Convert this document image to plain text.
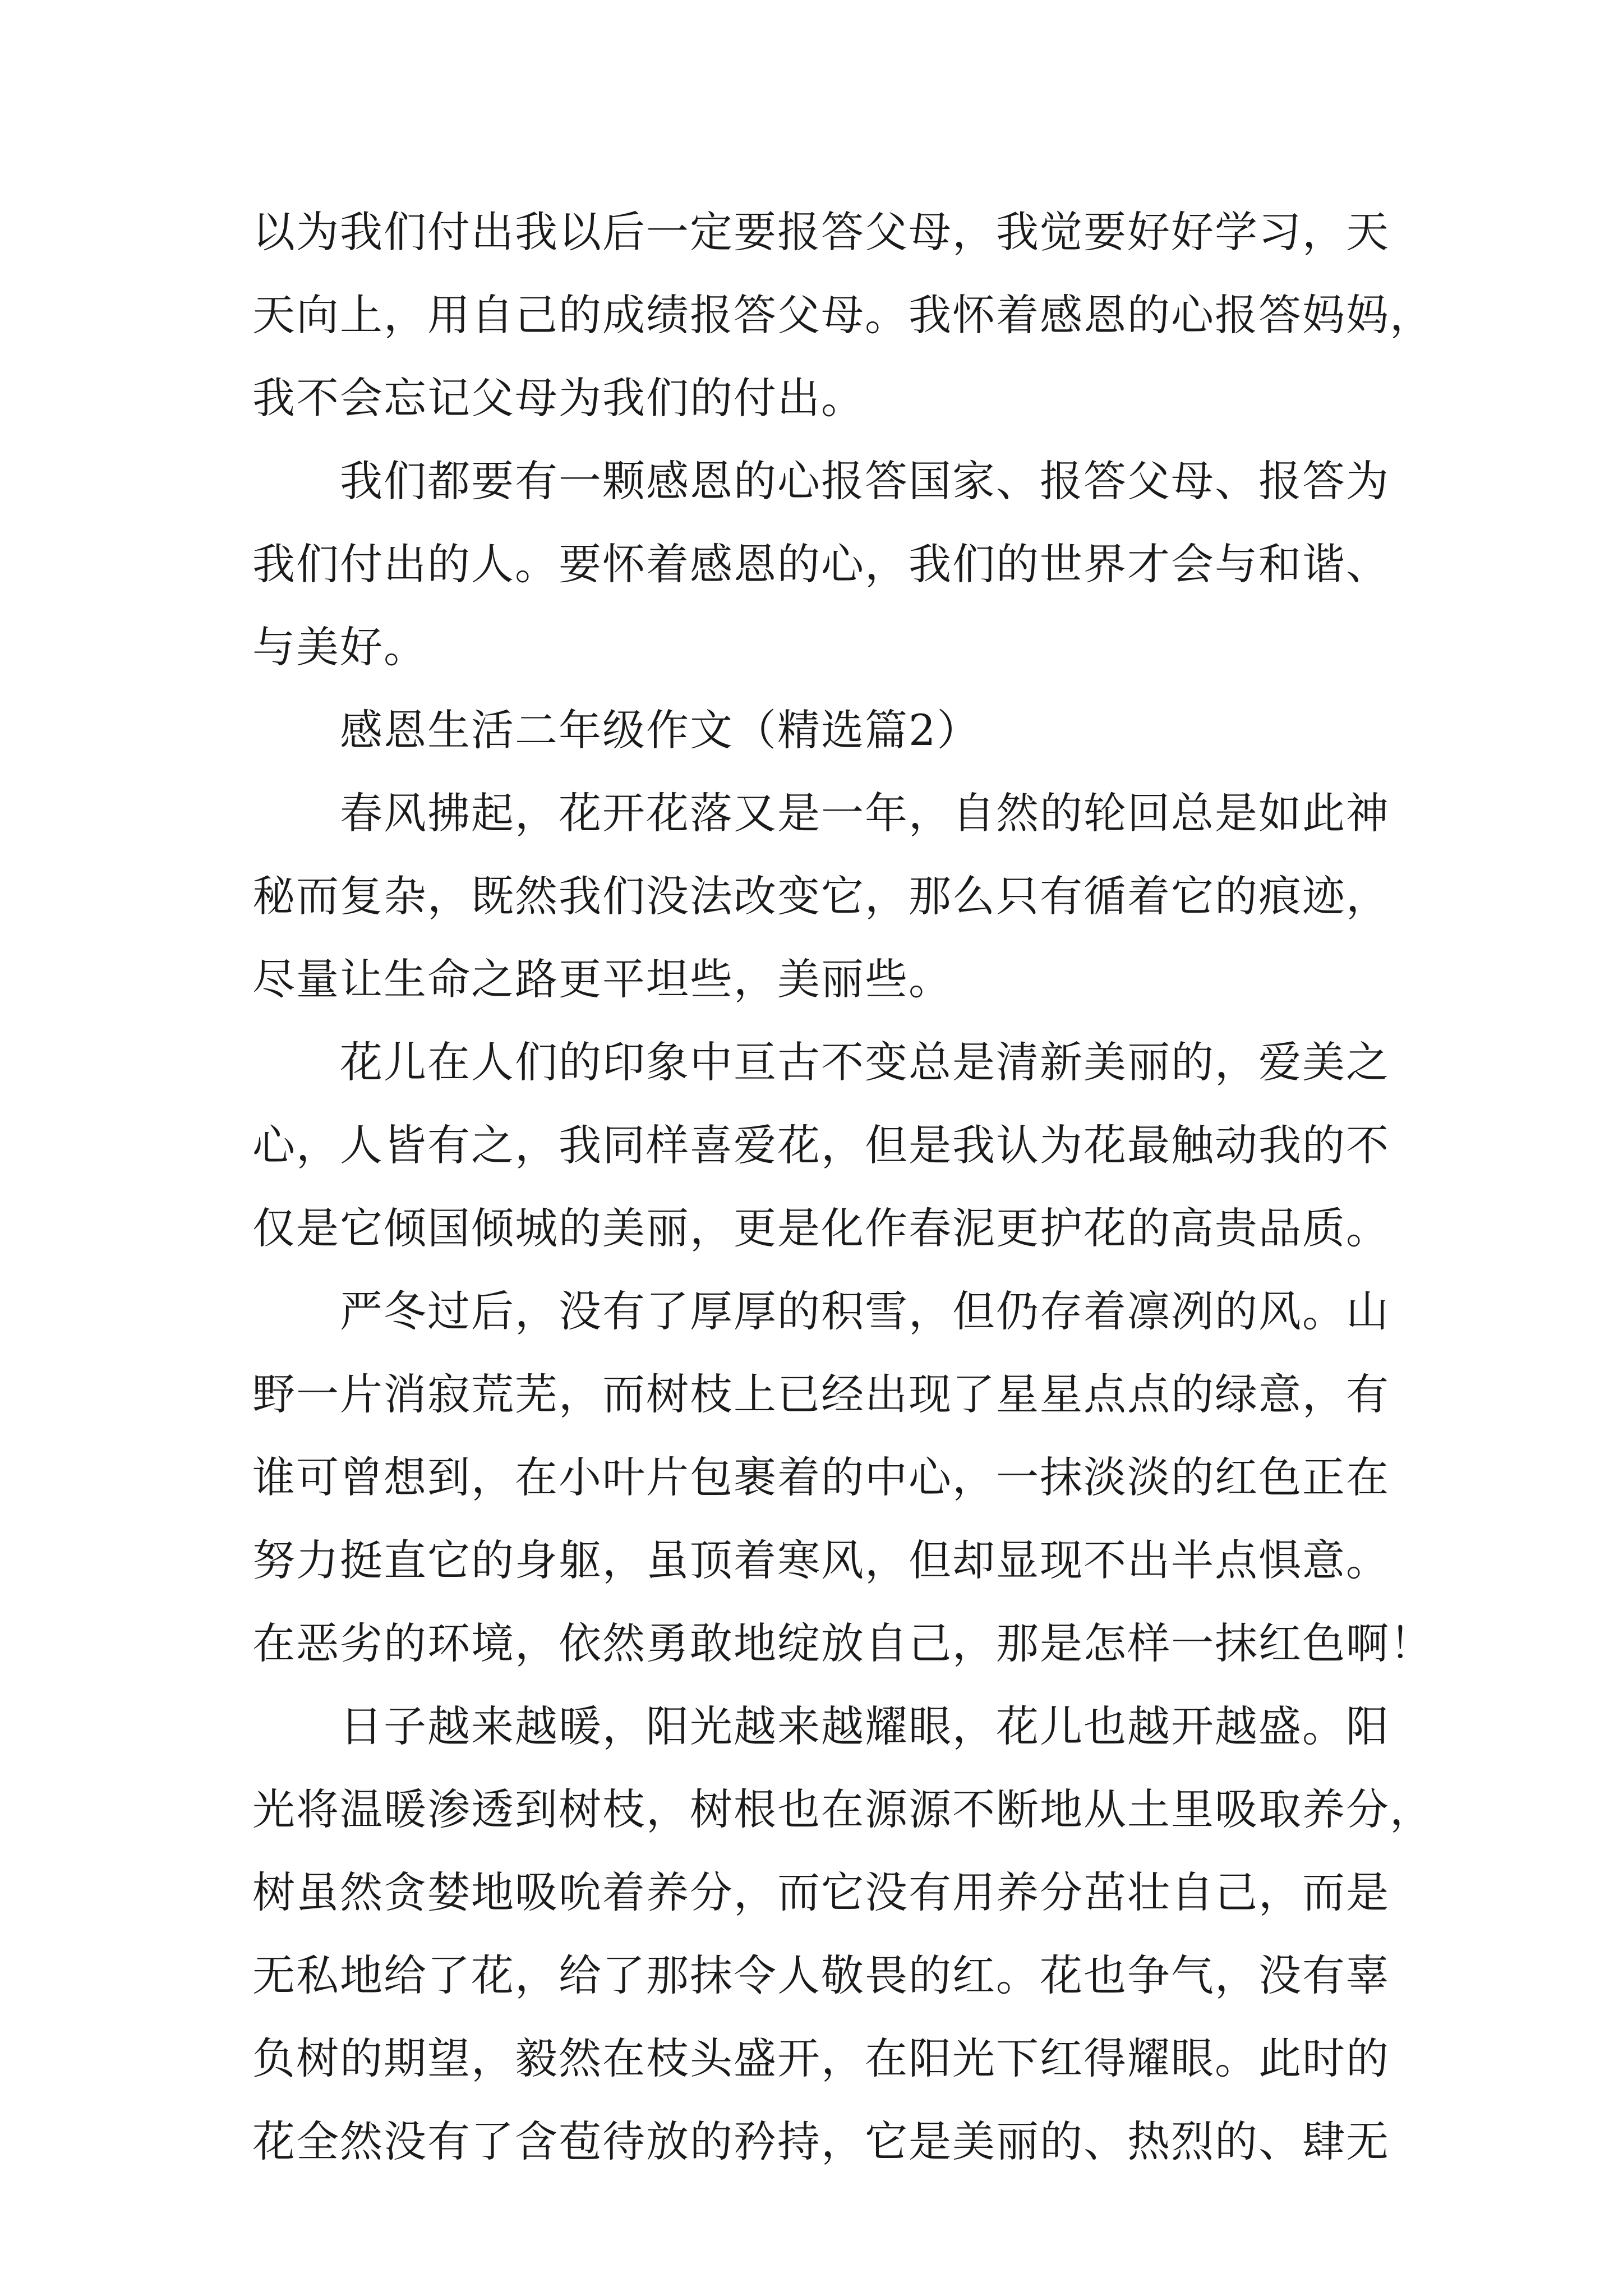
以为我们付出我以后一定要报答父母，我觉要好好学习，天
天向上，用自己的成绩报答父母。我怀着感恩的心报答妈妈，
我不会忘记父母为我们的付出。
我们都要有一颗感恩的心报答国家、报答父母、报答为
我们付出的人。要怀着感恩的心，我们的世界才会与和谐、
与美好。
感恩生活二年级作文（精选篇2）
春风拂起，花开花落又是一年，自然的轮回总是如此神
秘而复杂，既然我们没法改变它，那么只有循着它的痕迹，
尽量让生命之路更平坦些，美丽些。
花儿在人们的印象中亘古不变总是清新美丽的，爱美之
心，人皆有之，我同样喜爱花，但是我认为花最触动我的不
仅是它倾国倾城的美丽，更是化作春泥更护花的高贵品质。
严冬过后，没有了厚厚的积雪，但仍存着凛冽的风。山
野一片消寂荒芜，而树枝上已经出现了星星点点的绿意，有
谁可曾想到，在小叶片包裹着的中心，一抹淡淡的红色正在
努力挺直它的身躯，虽顶着寒风，但却显现不出半点惧意。
在恶劣的环境，依然勇敢地绽放自己，那是怎样一抹红色啊！
日子越来越暖，阳光越来越耀眼，花儿也越开越盛。阳
光将温暖渗透到树枝，树根也在源源不断地从土里吸取养分，
树虽然贪婪地吸吮着养分，而它没有用养分茁壮自己，而是
无私地给了花，给了那抹令人敬畏的红。花也争气，没有辜
负树的期望，毅然在枝头盛开，在阳光下红得耀眼。此时的
花全然没有了含苞待放的矜持，它是美丽的、热烈的、肆无
